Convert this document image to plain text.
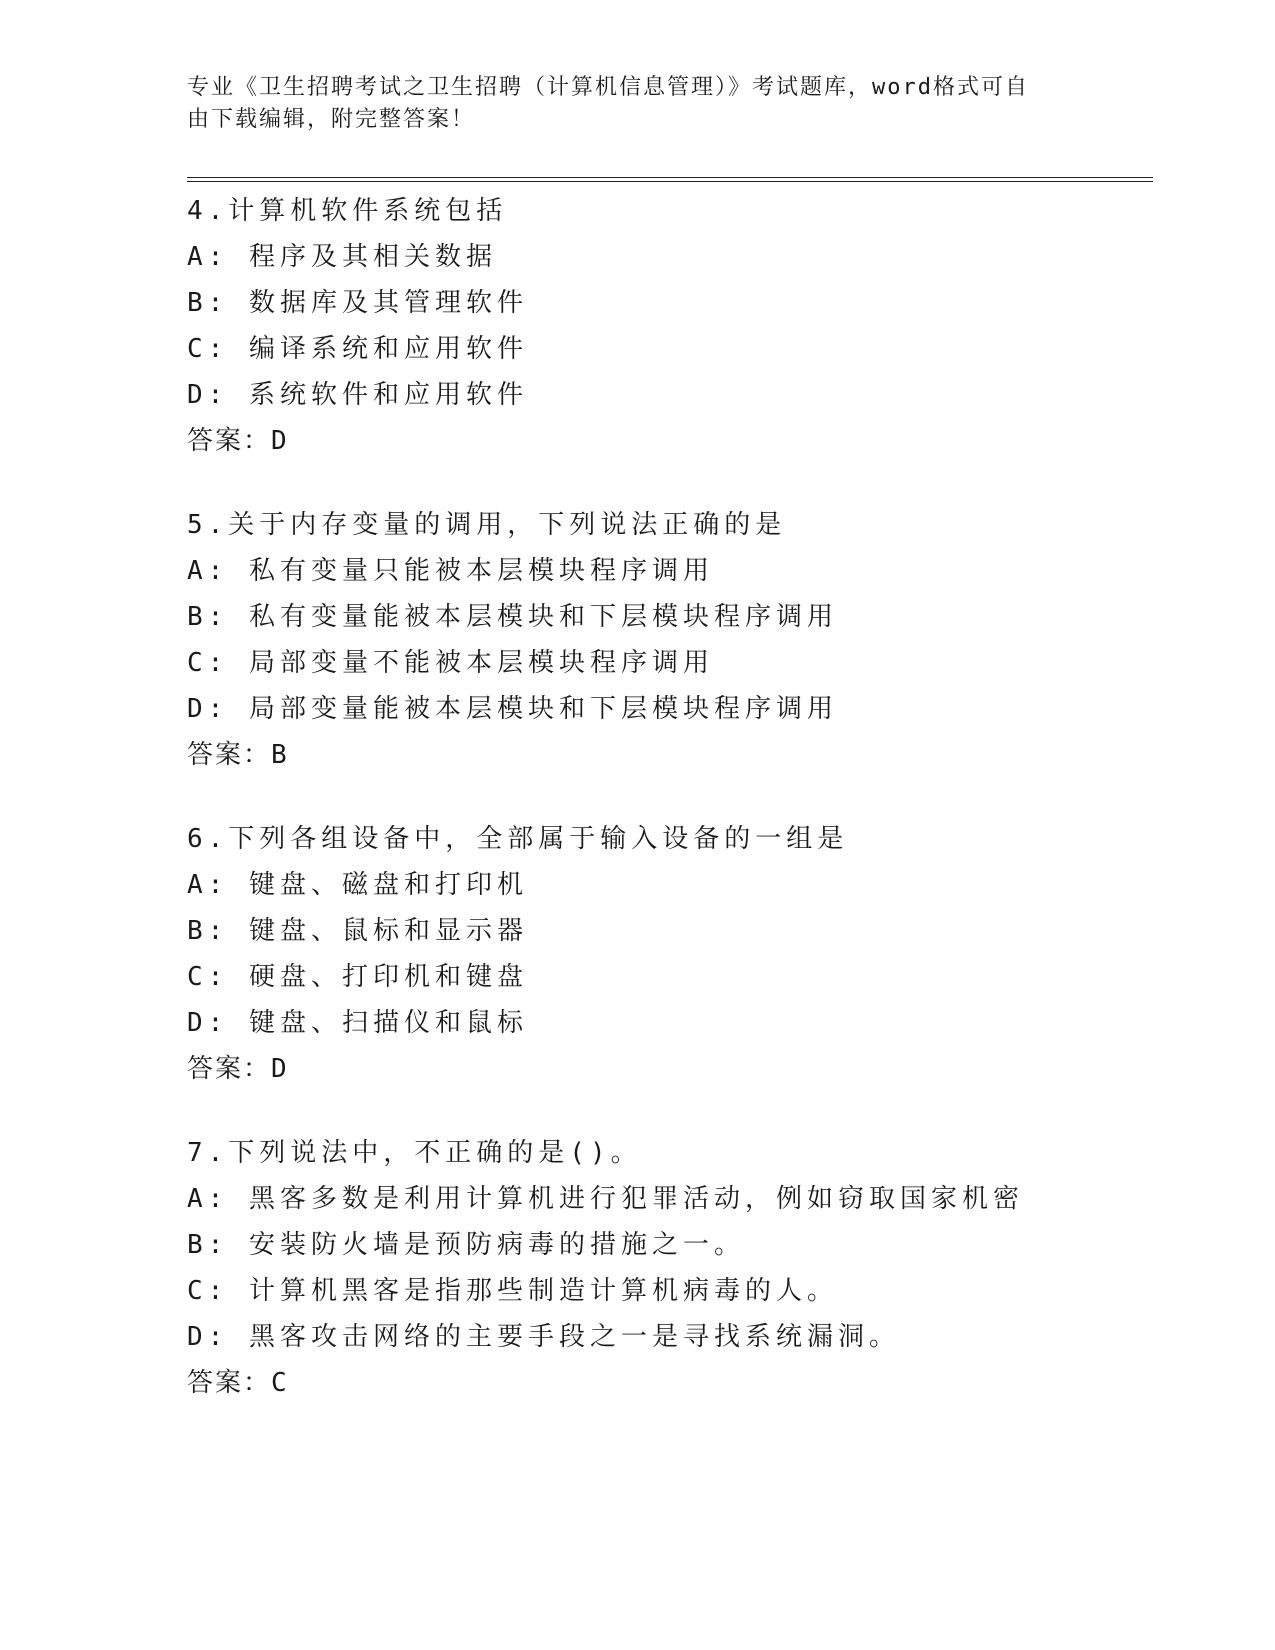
专业《卫生招聘考试之卫生招聘（计算机信息管理）》考试题库，word格式可自
由下载编辑，附完整答案！
4.计算机软件系统包括
A: 程序及其相关数据
B: 数据库及其管理软件
C: 编译系统和应用软件
D: 系统软件和应用软件
答案：D
5.关于内存变量的调用，下列说法正确的是
A: 私有变量只能被本层模块程序调用
B: 私有变量能被本层模块和下层模块程序调用
C: 局部变量不能被本层模块程序调用
D: 局部变量能被本层模块和下层模块程序调用
答案：B
6.下列各组设备中，全部属于输入设备的一组是
A: 键盘、磁盘和打印机
B: 键盘、鼠标和显示器
C: 硬盘、打印机和键盘
D: 键盘、扫描仪和鼠标
答案：D
7.下列说法中，不正确的是()。
A: 黑客多数是利用计算机进行犯罪活动，例如窃取国家机密
B: 安装防火墙是预防病毒的措施之一。
C: 计算机黑客是指那些制造计算机病毒的人。
D: 黑客攻击网络的主要手段之一是寻找系统漏洞。
答案：C
